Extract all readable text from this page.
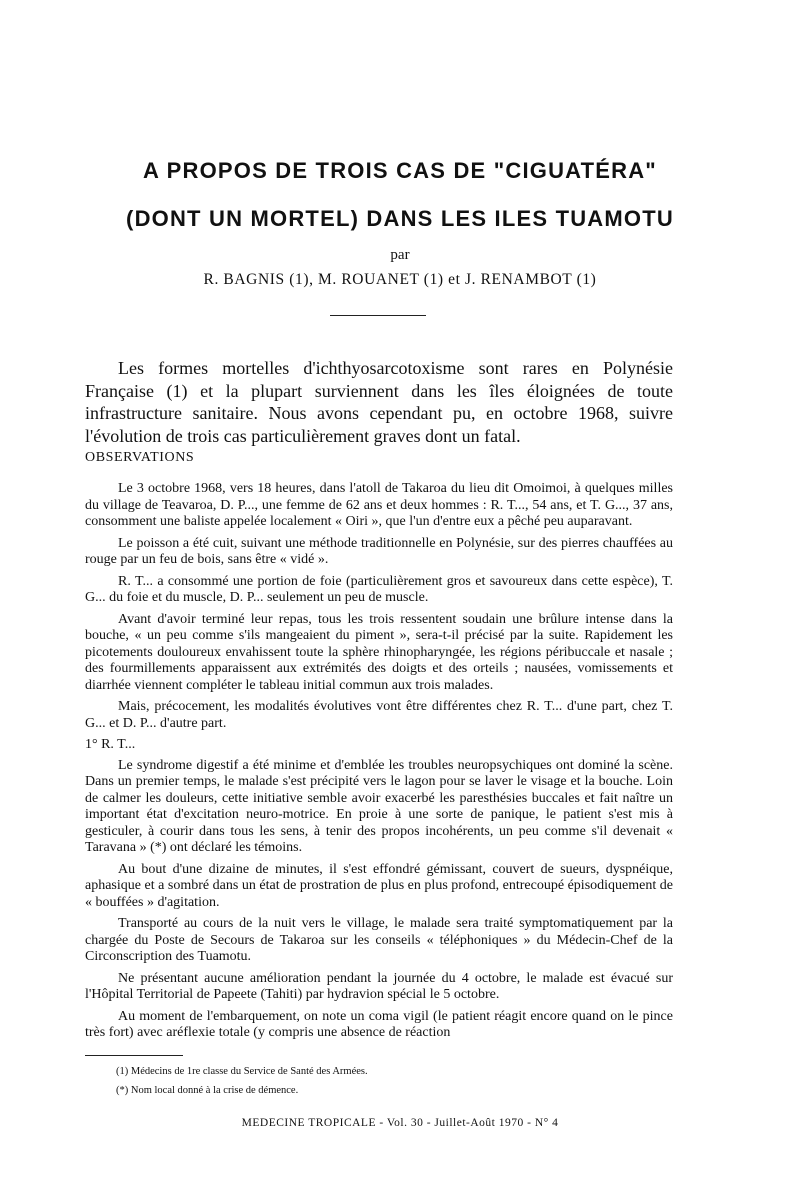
A PROPOS DE TROIS CAS DE "CIGUATÉRA"
(DONT UN MORTEL) DANS LES ILES TUAMOTU
par
R. BAGNIS (1), M. ROUANET (1) et J. RENAMBOT (1)

Les formes mortelles d'ichthyosarcotoxisme sont rares en Polynésie Française (1) et la plupart surviennent dans les îles éloignées de toute infrastructure sanitaire. Nous avons cependant pu, en octobre 1968, suivre l'évolution de trois cas particulièrement graves dont un fatal.

OBSERVATIONS

Le 3 octobre 1968, vers 18 heures, dans l'atoll de Takaroa du lieu dit Omoimoi, à quelques milles du village de Teavaroa, D. P..., une femme de 62 ans et deux hommes : R. T..., 54 ans, et T. G..., 37 ans, consomment une baliste appelée localement « Oiri », que l'un d'entre eux a pêché peu auparavant.

Le poisson a été cuit, suivant une méthode traditionnelle en Polynésie, sur des pierres chauffées au rouge par un feu de bois, sans être « vidé ».

R. T... a consommé une portion de foie (particulièrement gros et savoureux dans cette espèce), T. G... du foie et du muscle, D. P... seulement un peu de muscle.

Avant d'avoir terminé leur repas, tous les trois ressentent soudain une brûlure intense dans la bouche, « un peu comme s'ils mangeaient du piment », sera-t-il précisé par la suite. Rapidement les picotements douloureux envahissent toute la sphère rhinopharyngée, les régions péribuccale et nasale ; des fourmillements apparaissent aux extrémités des doigts et des orteils ; nausées, vomissements et diarrhée viennent compléter le tableau initial commun aux trois malades.

Mais, précocement, les modalités évolutives vont être différentes chez R. T... d'une part, chez T. G... et D. P... d'autre part.

1° R. T...

Le syndrome digestif a été minime et d'emblée les troubles neuropsychiques ont dominé la scène. Dans un premier temps, le malade s'est précipité vers le lagon pour se laver le visage et la bouche. Loin de calmer les douleurs, cette initiative semble avoir exacerbé les paresthésies buccales et fait naître un important état d'excitation neuro-motrice. En proie à une sorte de panique, le patient s'est mis à gesticuler, à courir dans tous les sens, à tenir des propos incohérents, un peu comme s'il devenait « Taravana » (*) ont déclaré les témoins.

Au bout d'une dizaine de minutes, il s'est effondré gémissant, couvert de sueurs, dyspnéique, aphasique et a sombré dans un état de prostration de plus en plus profond, entrecoupé épisodiquement de « bouffées » d'agitation.

Transporté au cours de la nuit vers le village, le malade sera traité symptomatiquement par la chargée du Poste de Secours de Takaroa sur les conseils « téléphoniques » du Médecin-Chef de la Circonscription des Tuamotu.

Ne présentant aucune amélioration pendant la journée du 4 octobre, le malade est évacué sur l'Hôpital Territorial de Papeete (Tahiti) par hydravion spécial le 5 octobre.

Au moment de l'embarquement, on note un coma vigil (le patient réagit encore quand on le pince très fort) avec aréflexie totale (y compris une absence de réaction

(1) Médecins de 1re classe du Service de Santé des Armées.
(*) Nom local donné à la crise de démence.
MEDECINE TROPICALE - Vol. 30 - Juillet-Août 1970 - N° 4
